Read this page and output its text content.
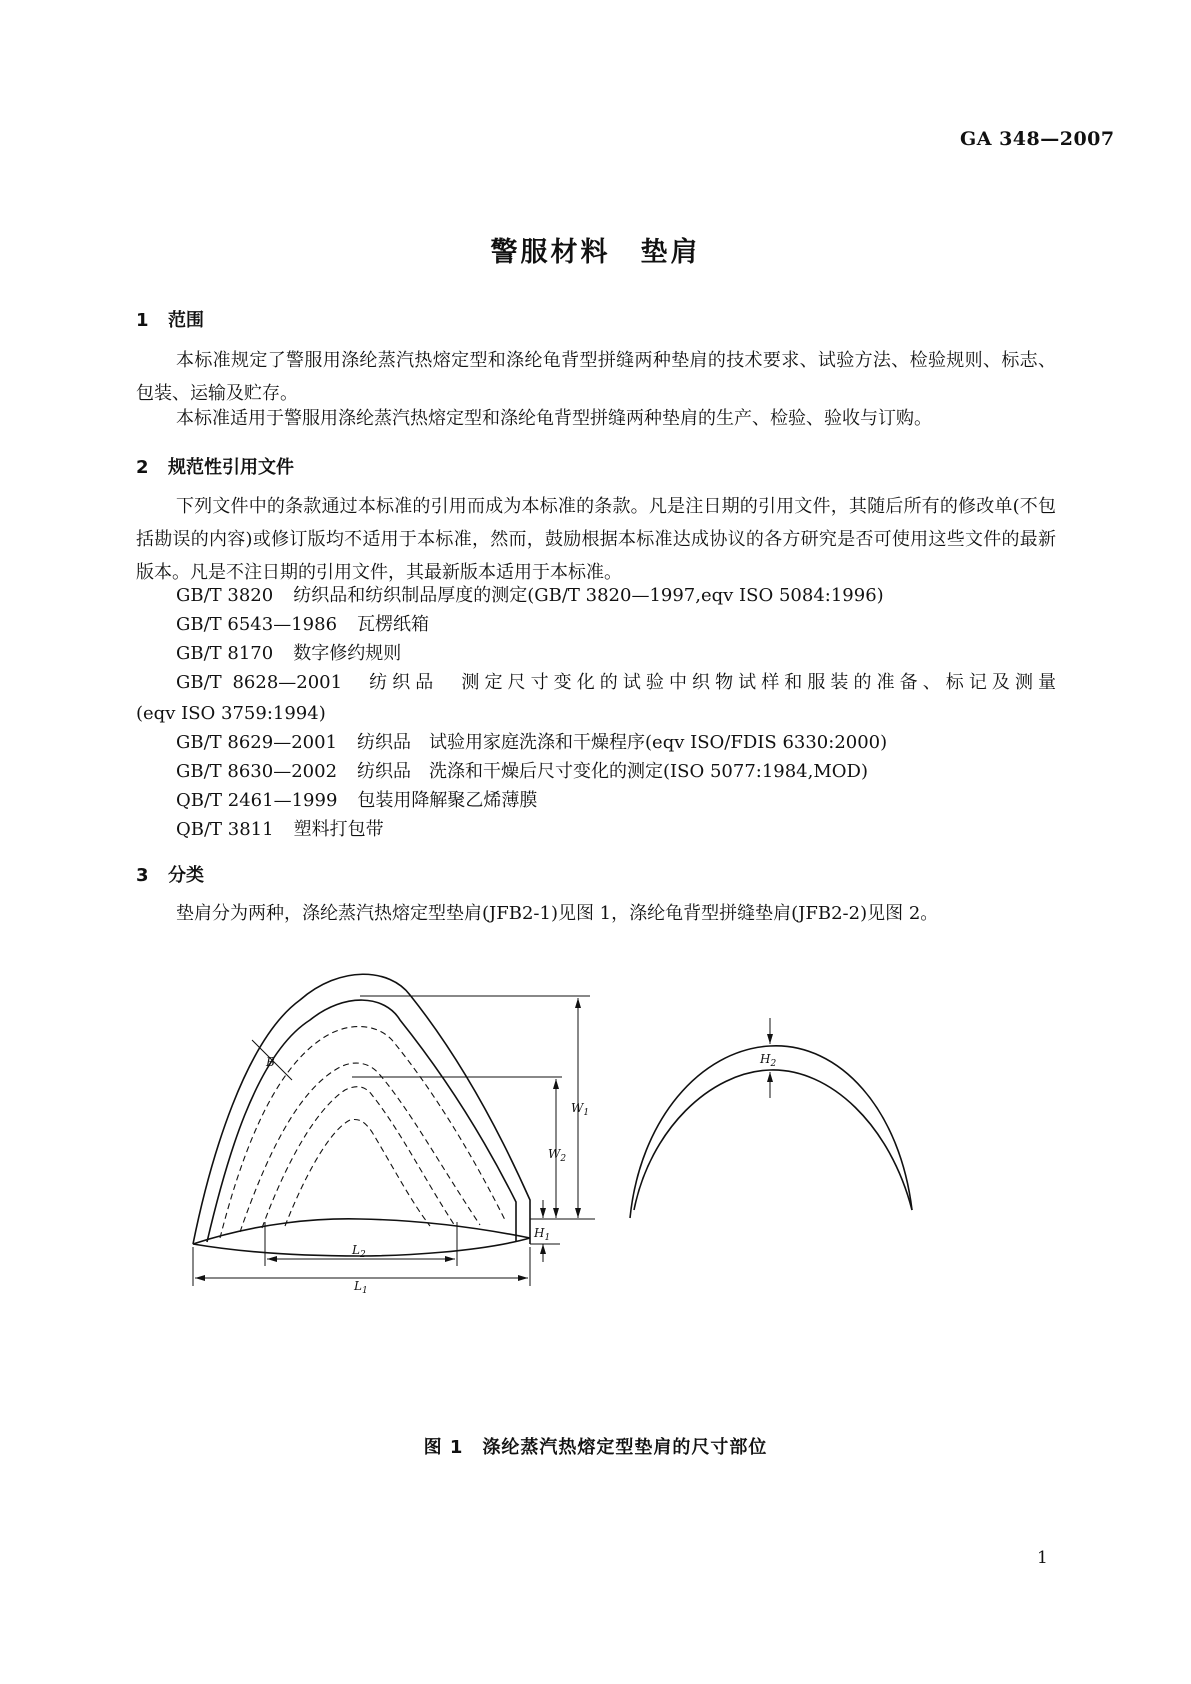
GA 348—2007
警服材料　垫肩
1 范围
本标准规定了警服用涤纶蒸汽热熔定型和涤纶龟背型拼缝两种垫肩的技术要求、试验方法、检验规则、标志、包装、运输及贮存。
本标准适用于警服用涤纶蒸汽热熔定型和涤纶龟背型拼缝两种垫肩的生产、检验、验收与订购。
2 规范性引用文件
下列文件中的条款通过本标准的引用而成为本标准的条款。凡是注日期的引用文件，其随后所有的修改单(不包括勘误的内容)或修订版均不适用于本标准，然而，鼓励根据本标准达成协议的各方研究是否可使用这些文件的最新版本。凡是不注日期的引用文件，其最新版本适用于本标准。
GB/T 3820 纺织品和纺织制品厚度的测定(GB/T 3820—1997,eqv ISO 5084:1996)
GB/T 6543—1986 瓦楞纸箱
GB/T 8170 数字修约规则
GB/T 8628—2001 纺织品　测定尺寸变化的试验中织物试样和服装的准备、标记及测量
(eqv ISO 3759:1994)
GB/T 8629—2001 纺织品　试验用家庭洗涤和干燥程序(eqv ISO/FDIS 6330:2000)
GB/T 8630—2002 纺织品　洗涤和干燥后尺寸变化的测定(ISO 5077:1984,MOD)
QB/T 2461—1999 包装用降解聚乙烯薄膜
QB/T 3811 塑料打包带
3 分类
垫肩分为两种，涤纶蒸汽热熔定型垫肩(JFB2-1)见图 1，涤纶龟背型拼缝垫肩(JFB2-2)见图 2。
B
$W_1$
$W_2$
$H_1$
$H_2$
$L_2$
$L_1$
图 1　涤纶蒸汽热熔定型垫肩的尺寸部位
1
